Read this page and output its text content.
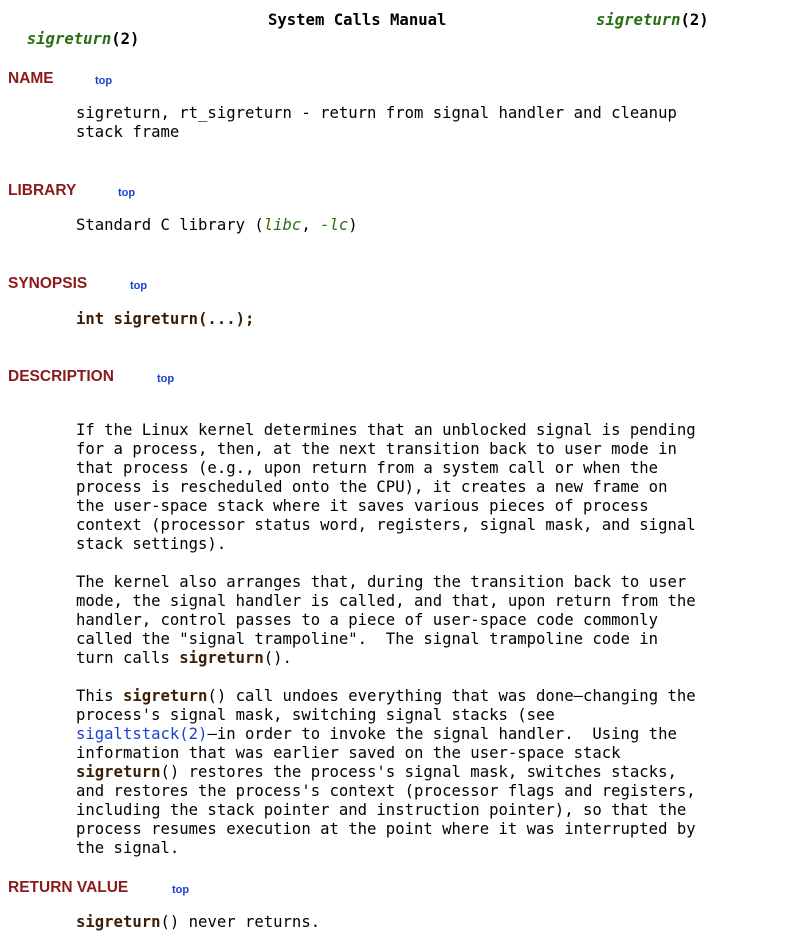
sigreturn(2)

System Calls Manual

	sigreturn(2)

NAME	top
sigreturn, rt_sigreturn - return from signal handler and cleanup
stack frame
LIBRARY	top
Standard C library (libc, -lc)
SYNOPSIS	top
int sigreturn(...);
DESCRIPTION	top

If the Linux kernel determines that an unblocked signal is pending
for a process, then, at the next transition back to user mode in
that process (e.g., upon return from a system call or when the
process is rescheduled onto the CPU), it creates a new frame on
the user-space stack where it saves various pieces of process
context (processor status word, registers, signal mask, and signal
stack settings).

The kernel also arranges that, during the transition back to user
mode, the signal handler is called, and that, upon return from the
handler, control passes to a piece of user-space code commonly
called the "signal trampoline".  The signal trampoline code in
turn calls sigreturn().

This sigreturn() call undoes everything that was done—changing the
process's signal mask, switching signal stacks (see
sigaltstack(2)—in order to invoke the signal handler.  Using the
information that was earlier saved on the user-space stack
sigreturn() restores the process's signal mask, switches stacks,
and restores the process's context (processor flags and registers,
including the stack pointer and instruction pointer), so that the
process resumes execution at the point where it was interrupted by
the signal.

RETURN VALUE	top
sigreturn() never returns.
